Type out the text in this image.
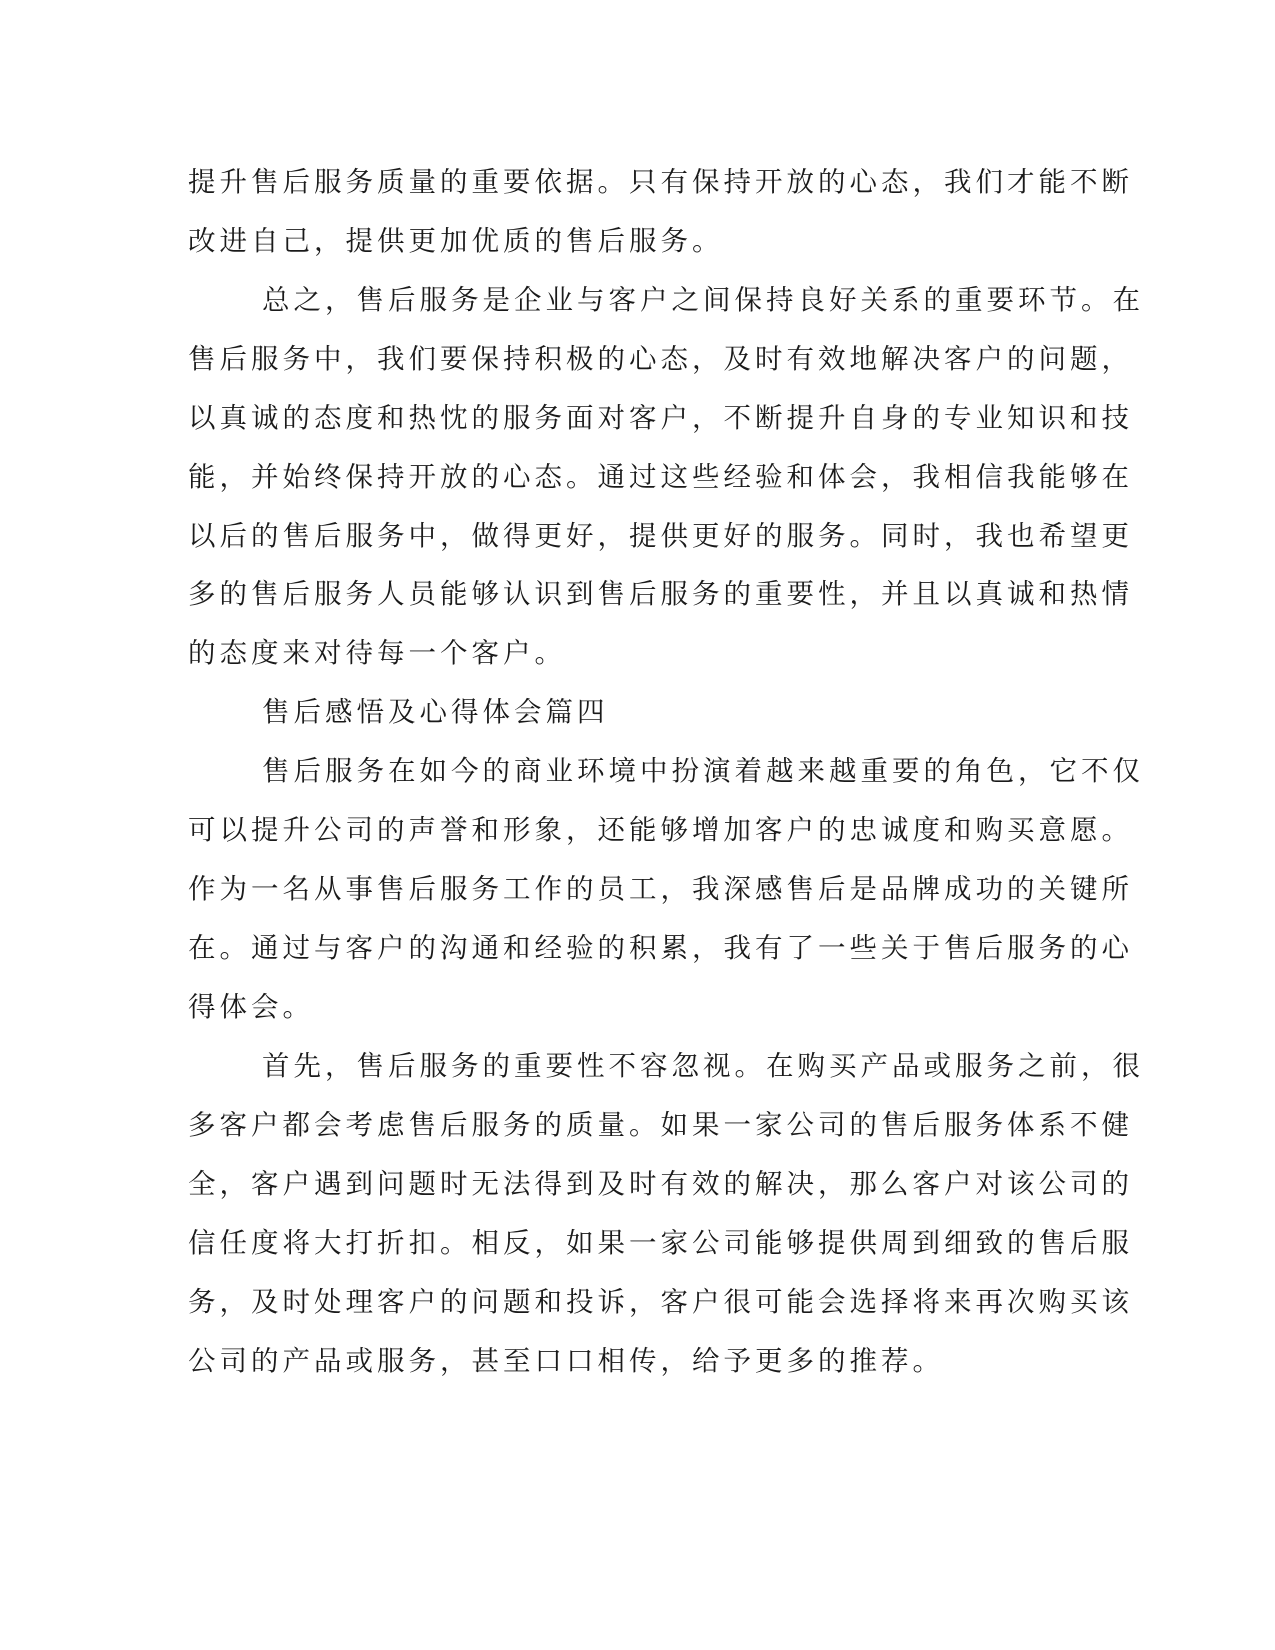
提升售后服务质量的重要依据。只有保持开放的心态，我们才能不断
改进自己，提供更加优质的售后服务。
总之，售后服务是企业与客户之间保持良好关系的重要环节。在
售后服务中，我们要保持积极的心态，及时有效地解决客户的问题，
以真诚的态度和热忱的服务面对客户，不断提升自身的专业知识和技
能，并始终保持开放的心态。通过这些经验和体会，我相信我能够在
以后的售后服务中，做得更好，提供更好的服务。同时，我也希望更
多的售后服务人员能够认识到售后服务的重要性，并且以真诚和热情
的态度来对待每一个客户。
售后感悟及心得体会篇四
售后服务在如今的商业环境中扮演着越来越重要的角色，它不仅
可以提升公司的声誉和形象，还能够增加客户的忠诚度和购买意愿。
作为一名从事售后服务工作的员工，我深感售后是品牌成功的关键所
在。通过与客户的沟通和经验的积累，我有了一些关于售后服务的心
得体会。
首先，售后服务的重要性不容忽视。在购买产品或服务之前，很
多客户都会考虑售后服务的质量。如果一家公司的售后服务体系不健
全，客户遇到问题时无法得到及时有效的解决，那么客户对该公司的
信任度将大打折扣。相反，如果一家公司能够提供周到细致的售后服
务，及时处理客户的问题和投诉，客户很可能会选择将来再次购买该
公司的产品或服务，甚至口口相传，给予更多的推荐。
